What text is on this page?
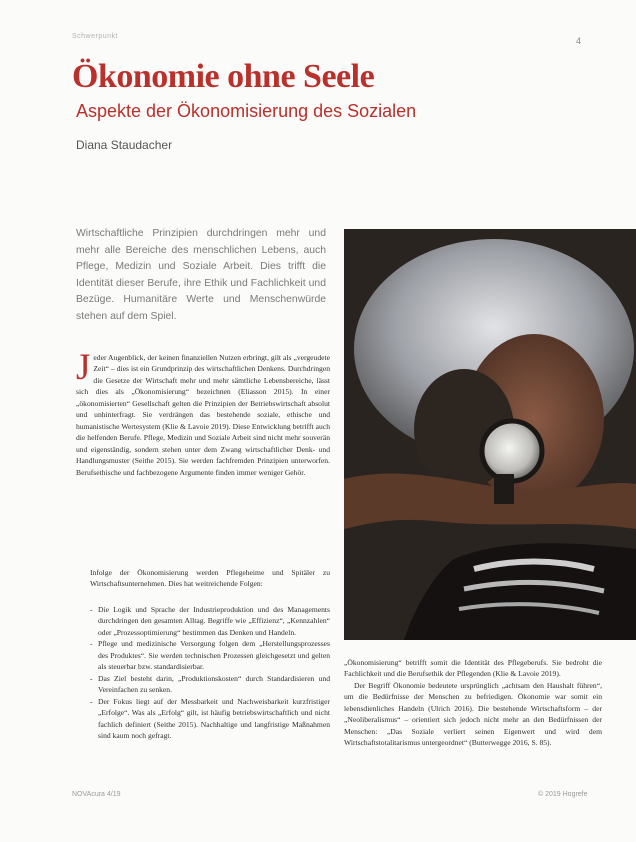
Schwerpunkt	4
Ökonomie ohne Seele
Aspekte der Ökonomisierung des Sozialen
Diana Staudacher
Wirtschaftliche Prinzipien durchdringen mehr und mehr alle Bereiche des menschlichen Lebens, auch Pflege, Medizin und Soziale Arbeit. Dies trifft die Identität dieser Berufe, ihre Ethik und Fachlichkeit und Bezüge. Humanitäre Werte und Menschenwürde stehen auf dem Spiel.
Jeder Augenblick, der keinen finanziellen Nutzen erbringt, gilt als „vergeudete Zeit“ – dies ist ein Grundprinzip des wirtschaftlichen Denkens. Durchdringen die Gesetze der Wirtschaft mehr und mehr sämtliche Lebensbereiche, lässt sich dies als „Ökonomisierung“ bezeichnen (Eliasson 2015). In einer „ökonomisierten“ Gesellschaft gelten die Prinzipien der Betriebswirtschaft absolut und unhinterfragt. Sie verdrängen das bestehende soziale, ethische und humanistische Wertesystem (Klie & Lavoie 2019). Diese Entwicklung betrifft auch die helfenden Berufe. Pflege, Medizin und Soziale Arbeit sind nicht mehr souverän und eigenständig, sondern stehen unter dem Zwang wirtschaftlicher Denk- und Handlungsmuster (Seithe 2015). Sie werden fachfremden Prinzipien unterworfen. Berufsethische und fachbezogene Argumente finden immer weniger Gehör.
Infolge der Ökonomisierung werden Pflegeheime und Spitäler zu Wirtschaftsunternehmen. Dies hat weitreichende Folgen:
- Die Logik und Sprache der Industrieproduktion und des Managements durchdringen den gesamten Alltag. Begriffe wie „Effizienz“, „Kennzahlen“ oder „Prozessoptimierung“ bestimmen das Denken und Handeln.
- Pflege und medizinische Versorgung folgen dem „Herstellungsprozesses des Produktes“. Sie werden technischen Prozessen gleichgesetzt und gelten als steuerbar bzw. standardisierbar.
- Das Ziel besteht darin, „Produktionskosten“ durch Standardisieren und Vereinfachen zu senken.
- Der Fokus liegt auf der Messbarkeit und Nachweisbarkeit kurzfristiger „Erfolge“. Was als „Erfolg“ gilt, ist häufig betriebswirtschaftlich und nicht fachlich definiert (Seithe 2015). Nachhaltige und langfristige Maßnahmen sind kaum noch gefragt.

„Ökonomisierung“ betrifft somit die Identität des Pflegeberufs. Sie bedroht die Fachlichkeit und die Berufsethik der Pflegenden (Klie & Lavoie 2019).

Der Begriff Ökonomie bedeutete ursprünglich „achtsam den Haushalt führen“, um die Bedürfnisse der Menschen zu befriedigen. Ökonomie war somit ein lebensdienliches Handeln (Ulrich 2016). Die bestehende Wirtschaftsform – der „Neoliberalismus“ – orientiert sich jedoch nicht mehr an den Bedürfnissen der Menschen: „Das Soziale verliert seinen Eigenwert und wird dem Wirtschaftstotalitarismus untergeordnet“ (Butterwegge 2016, S. 85).

NOVAcura 4/19	© 2019 Hogrefe
